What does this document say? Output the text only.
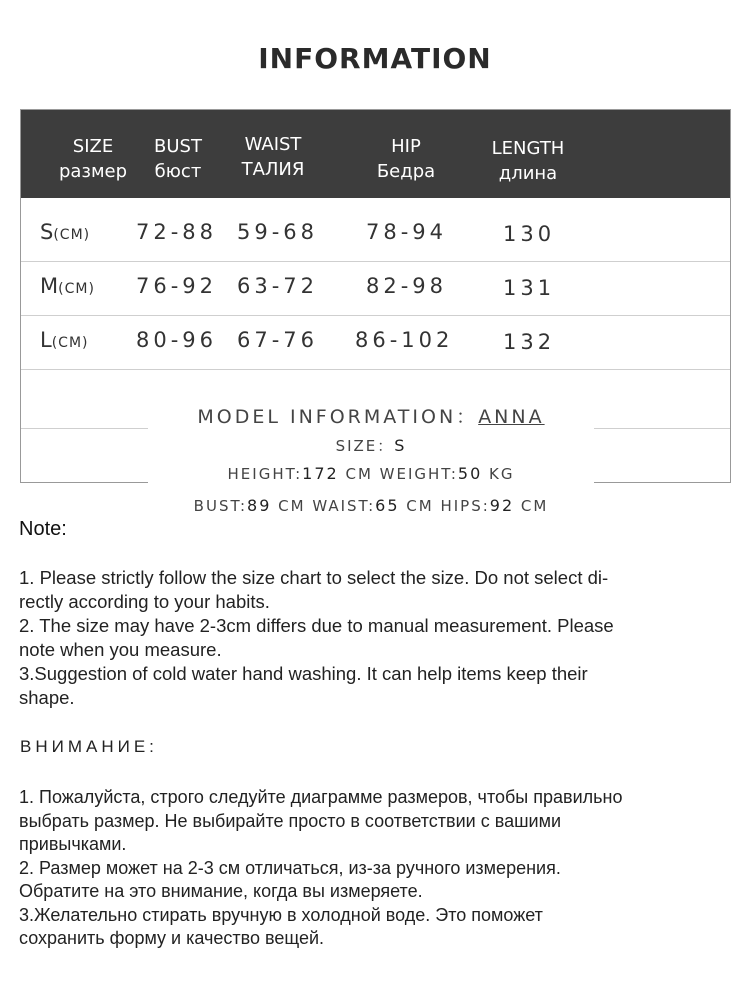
INFORMATION
SIZE
размер
BUST
бюст
WAIST
ТАЛИЯ
HIP
Бедра
LENGTH
длина
S(CM) 72-88 59-68 78-94	130
M(CM) 76-92 63-72 82-98	131
L(CM) 80-96 67-76 86-102 132
MODEL INFORMATION：ANNA
SIZE：S
HEIGHT:172 CM WEIGHT:50 KG
BUST:89 CM WAIST:65 CM HIPS:92 CM
Note:
1. Please strictly follow the size chart to select the size. Do not select di-
rectly according to your habits.
2. The size may have 2-3cm differs due to manual measurement. Please
note when you measure.
3.Suggestion of cold water hand washing. It can help items keep their
shape.
ВНИМАНИЕ:
1. Пожалуйста, строго следуйте диаграмме размеров, чтобы правильно
выбрать размер. Не выбирайте просто в соответствии с вашими
привычками.
2. Размер может на 2-3 см отличаться, из-за ручного измерения.
Обратите на это внимание, когда вы измеряете.
3.Желательно стирать вручную в холодной воде. Это поможет
сохранить форму и качество вещей.
